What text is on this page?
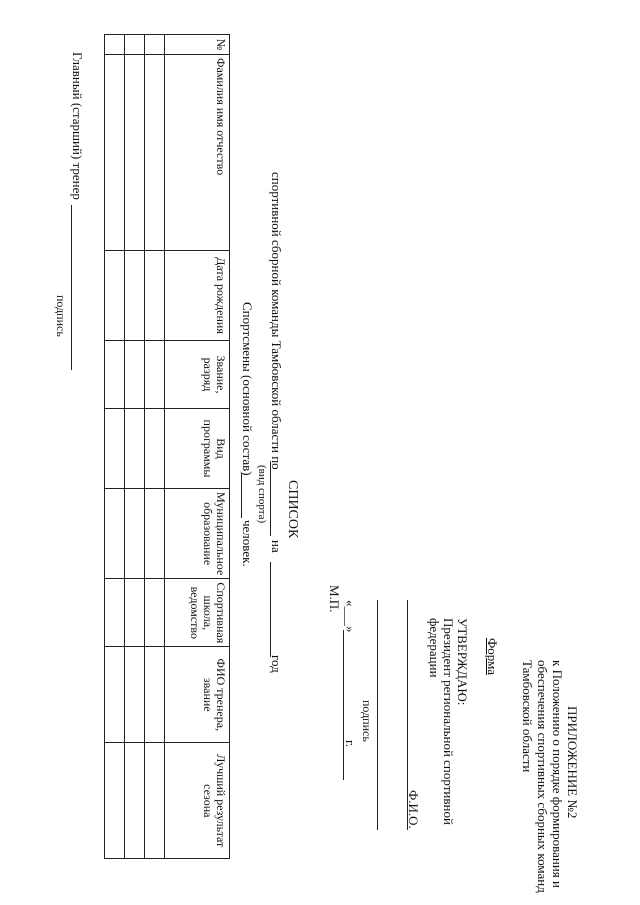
ПРИЛОЖЕНИЕ №2
к Положению о порядке формирования и
обеспечения спортивных сборных команд
Тамбовской области
Форма
УТВЕРЖДАЮ:
Президент региональной спортивной
федерации
Ф.И.О.
подпись
«___»
г.
М.П.
СПИСОК
спортивной сборной команды Тамбовской области по
на
год
(вид спорта)
Спортсмены (основной состав)
человек.
№	Фамилия имя отчество	Дата рождения	Звание, разряд	Вид программы	Муниципальное образование	Спортивная школа, ведомство	ФИО тренера, звание	Лучший результат сезона

Главный (старший) тренер
подпись
